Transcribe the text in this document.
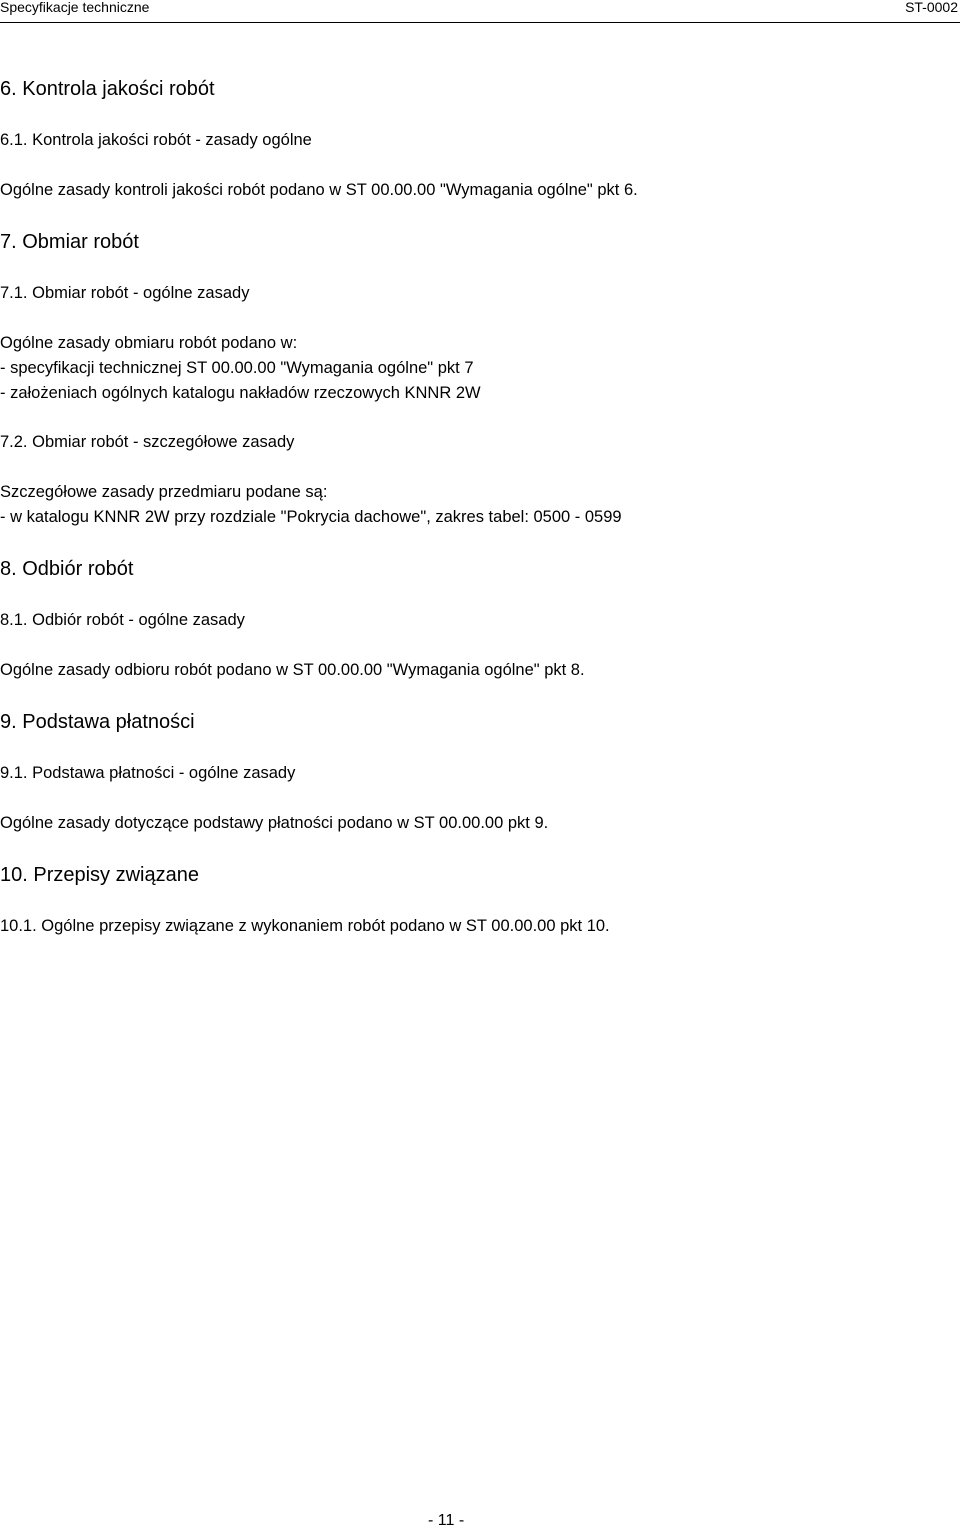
Specyfikacje techniczne	ST-0002
6. Kontrola jakości robót
6.1. Kontrola jakości robót - zasady ogólne
Ogólne zasady kontroli jakości robót podano w ST 00.00.00 "Wymagania ogólne" pkt 6.
7. Obmiar robót
7.1. Obmiar robót - ogólne zasady
Ogólne zasady obmiaru robót podano w:
- specyfikacji technicznej ST 00.00.00 "Wymagania ogólne" pkt 7
- założeniach ogólnych katalogu nakładów rzeczowych KNNR 2W
7.2. Obmiar robót - szczegółowe zasady
Szczegółowe zasady przedmiaru podane są:
- w katalogu KNNR 2W przy rozdziale "Pokrycia dachowe", zakres tabel: 0500 - 0599
8. Odbiór robót
8.1. Odbiór robót - ogólne zasady
Ogólne zasady odbioru robót podano w ST 00.00.00 "Wymagania ogólne" pkt 8.
9. Podstawa płatności
9.1. Podstawa płatności - ogólne zasady
Ogólne zasady dotyczące podstawy płatności podano w ST 00.00.00 pkt 9.
10. Przepisy związane
10.1. Ogólne przepisy związane z wykonaniem robót podano w ST 00.00.00 pkt 10.
- 11 -
